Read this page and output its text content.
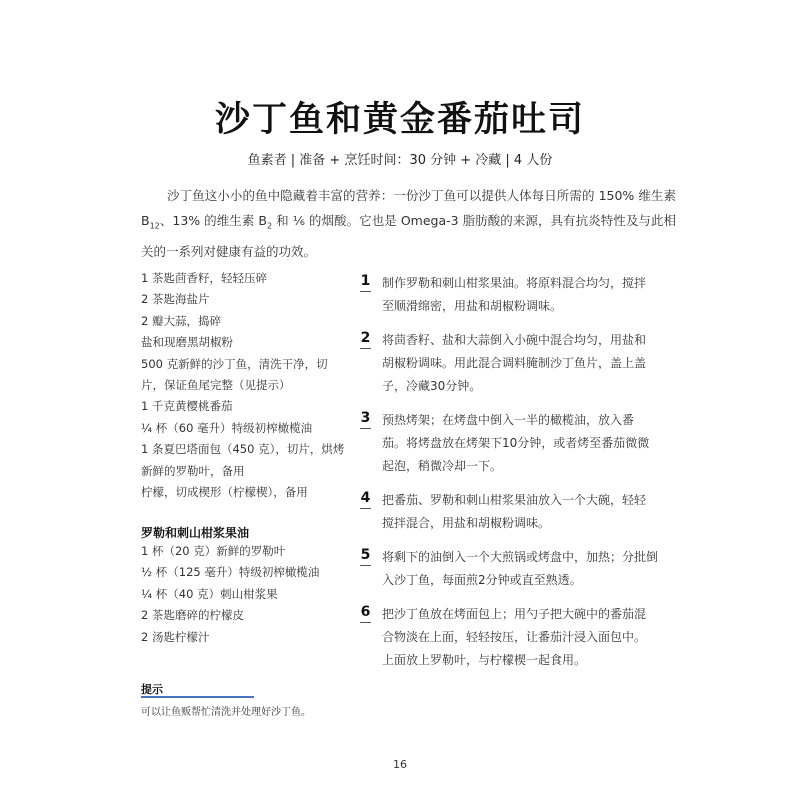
沙丁鱼和黄金番茄吐司
鱼素者 | 准备 + 烹饪时间：30 分钟 + 冷藏 | 4 人份

沙丁鱼这小小的鱼中隐藏着丰富的营养：一份沙丁鱼可以提供人体每日所需的 150% 维生素 $B_{12}$、13% 的维生素 $B_2$ 和 ⅙ 的烟酸。它也是 Omega-3 脂肪酸的来源，具有抗炎特性及与此相关的一系列对健康有益的功效。

1 茶匙茴香籽，轻轻压碎
2 茶匙海盐片
2 瓣大蒜，捣碎
盐和现磨黑胡椒粉
500 克新鲜的沙丁鱼，清洗干净，切
片，保证鱼尾完整（见提示）
1 千克黄樱桃番茄
¼ 杯（60 毫升）特级初榨橄榄油
1 条夏巴塔面包（450 克），切片，烘烤
新鲜的罗勒叶，备用
柠檬，切成楔形（柠檬楔），备用
罗勒和刺山柑浆果油
1 杯（20 克）新鲜的罗勒叶
½ 杯（125 毫升）特级初榨橄榄油
¼ 杯（40 克）刺山柑浆果
2 茶匙磨碎的柠檬皮
2 汤匙柠檬汁
提示
可以让鱼贩帮忙清洗并处理好沙丁鱼。
1 制作罗勒和刺山柑浆果油。将原料混合均匀，搅拌
至顺滑绵密，用盐和胡椒粉调味。
2 将茴香籽、盐和大蒜倒入小碗中混合均匀，用盐和
胡椒粉调味。用此混合调料腌制沙丁鱼片，盖上盖
子，冷藏30分钟。
3 预热烤架；在烤盘中倒入一半的橄榄油，放入番
茄。将烤盘放在烤架下10分钟，或者烤至番茄微微
起泡，稍微冷却一下。
4 把番茄、罗勒和刺山柑浆果油放入一个大碗，轻轻
搅拌混合，用盐和胡椒粉调味。
5 将剩下的油倒入一个大煎锅或烤盘中，加热；分批倒
入沙丁鱼，每面煎2分钟或直至熟透。
6 把沙丁鱼放在烤面包上；用勺子把大碗中的番茄混
合物淡在上面，轻轻按压，让番茄汁浸入面包中。
上面放上罗勒叶，与柠檬楔一起食用。
16
